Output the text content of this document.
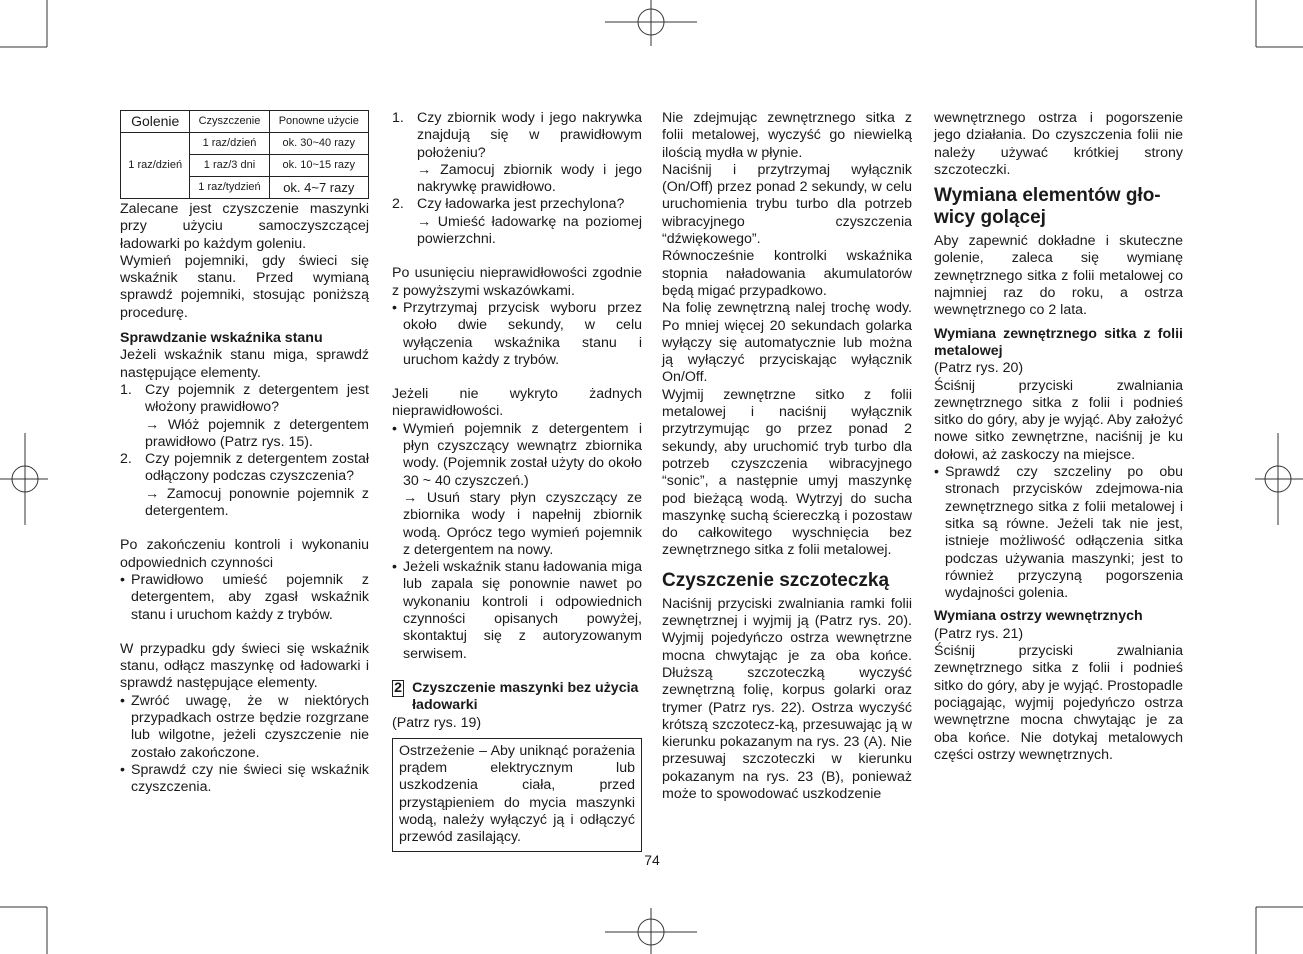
Golenie	Czyszczenie	Ponowne użycie
1 raz/dzień	1 raz/dzień	ok. 30~40 razy
	1 raz/3 dni	ok. 10~15 razy
	1 raz/tydzień	ok. 4~7 razy

Zalecane jest czyszczenie maszynki przy użyciu samoczyszczącej ładowarki po każdym goleniu.

Wymień pojemniki, gdy świeci się wskaźnik stanu. Przed wymianą sprawdź pojemniki, stosując poniższą procedurę.

Sprawdzanie wskaźnika stanu

Jeżeli wskaźnik stanu miga, sprawdź następujące elementy.

1. Czy pojemnik z detergentem jest włożony prawidłowo?
→ Włóż pojemnik z detergentem prawidłowo (Patrz rys. 15).
2. Czy pojemnik z detergentem został odłączony podczas czyszczenia?
→ Zamocuj ponownie pojemnik z detergentem.

Po zakończeniu kontroli i wykonaniu odpowiednich czynności

• Prawidłowo umieść pojemnik z detergentem, aby zgasł wskaźnik stanu i uruchom każdy z trybów.

W przypadku gdy świeci się wskaźnik stanu, odłącz maszynkę od ładowarki i sprawdź następujące elementy.

• Zwróć uwagę, że w niektórych przypadkach ostrze będzie rozgrzane lub wilgotne, jeżeli czyszczenie nie zostało zakończone.
• Sprawdź czy nie świeci się wskaźnik czyszczenia.
1. Czy zbiornik wody i jego nakrywka znajdują się w prawidłowym położeniu?
→ Zamocuj zbiornik wody i jego nakrywkę prawidłowo.
2. Czy ładowarka jest przechylona?
→ Umieść ładowarkę na poziomej powierzchni.

Po usunięciu nieprawidłowości zgodnie z powyższymi wskazówkami.

• Przytrzymaj przycisk wyboru przez około dwie sekundy, w celu wyłączenia wskaźnika stanu i uruchom każdy z trybów.

Jeżeli nie wykryto żadnych nieprawidłowości.

• Wymień pojemnik z detergentem i płyn czyszczący wewnątrz zbiornika wody. (Pojemnik został użyty do około 30 ~ 40 czyszczeń.)
→ Usuń stary płyn czyszczący ze zbiornika wody i napełnij zbiornik wodą. Oprócz tego wymień pojemnik z detergentem na nowy.
• Jeżeli wskaźnik stanu ładowania miga lub zapala się ponownie nawet po wykonaniu kontroli i odpowiednich czynności opisanych powyżej, skontaktuj się z autoryzowanym serwisem.
2 Czyszczenie maszynki bez użycia ładowarki

(Patrz rys. 19)

Ostrzeżenie – Aby uniknąć porażenia prądem elektrycznym lub uszkodzenia ciała, przed przystąpieniem do mycia maszynki wodą, należy wyłączyć ją i odłączyć przewód zasilający.

Nie zdejmując zewnętrznego sitka z folii metalowej, wyczyść go niewielką ilością mydła w płynie.

Naciśnij i przytrzymaj wyłącznik (On/Off) przez ponad 2 sekundy, w celu uruchomienia trybu turbo dla potrzeb wibracyjnego czyszczenia “dźwiękowego”.

Równocześnie kontrolki wskaźnika stopnia naładowania akumulatorów będą migać przypadkowo.

Na folię zewnętrzną nalej trochę wody. Po mniej więcej 20 sekundach golarka wyłączy się automatycznie lub można ją wyłączyć przyciskając wyłącznik On/Off.

Wyjmij zewnętrzne sitko z folii metalowej i naciśnij wyłącznik przytrzymując go przez ponad 2 sekundy, aby uruchomić tryb turbo dla potrzeb czyszczenia wibracyjnego “sonic”, a następnie umyj maszynkę pod bieżącą wodą. Wytrzyj do sucha maszynkę suchą ściereczką i pozostaw do całkowitego wyschnięcia bez zewnętrznego sitka z folii metalowej.

Czyszczenie szczoteczką

Naciśnij przyciski zwalniania ramki folii zewnętrznej i wyjmij ją (Patrz rys. 20). Wyjmij pojedyńczo ostrza wewnętrzne mocna chwytając je za oba końce. Dłuższą szczoteczką wyczyść zewnętrzną folię, korpus golarki oraz trymer (Patrz rys. 22). Ostrza wyczyść krótszą szczotecz-ką, przesuwając ją w kierunku pokazanym na rys. 23 (A). Nie przesuwaj szczoteczki w kierunku pokazanym na rys. 23 (B), ponieważ może to spowodować uszkodzenie

wewnętrznego ostrza i pogorszenie jego działania. Do czyszczenia folii nie należy używać krótkiej strony szczoteczki.

Wymiana elementów gło-wicy golącej

Aby zapewnić dokładne i skuteczne golenie, zaleca się wymianę zewnętrznego sitka z folii metalowej co najmniej raz do roku, a ostrza wewnętrznego co 2 lata.

Wymiana zewnętrznego sitka z folii metalowej

(Patrz rys. 20)

Ściśnij przyciski zwalniania zewnętrznego sitka z folii i podnieś sitko do góry, aby je wyjąć. Aby założyć nowe sitko zewnętrzne, naciśnij je ku dołowi, aż zaskoczy na miejsce.

• Sprawdź czy szczeliny po obu stronach przycisków zdejmowa-nia zewnętrznego sitka z folii metalowej i sitka są równe. Jeżeli tak nie jest, istnieje możliwość odłączenia sitka podczas używania maszynki; jest to również przyczyną pogorszenia wydajności golenia.

Wymiana ostrzy wewnętrznych

(Patrz rys. 21)

Ściśnij przyciski zwalniania zewnętrznego sitka z folii i podnieś sitko do góry, aby je wyjąć. Prostopadle pociągając, wyjmij pojedyńczo ostrza wewnętrzne mocna chwytając je za oba końce. Nie dotykaj metalowych części ostrzy wewnętrznych.

74
